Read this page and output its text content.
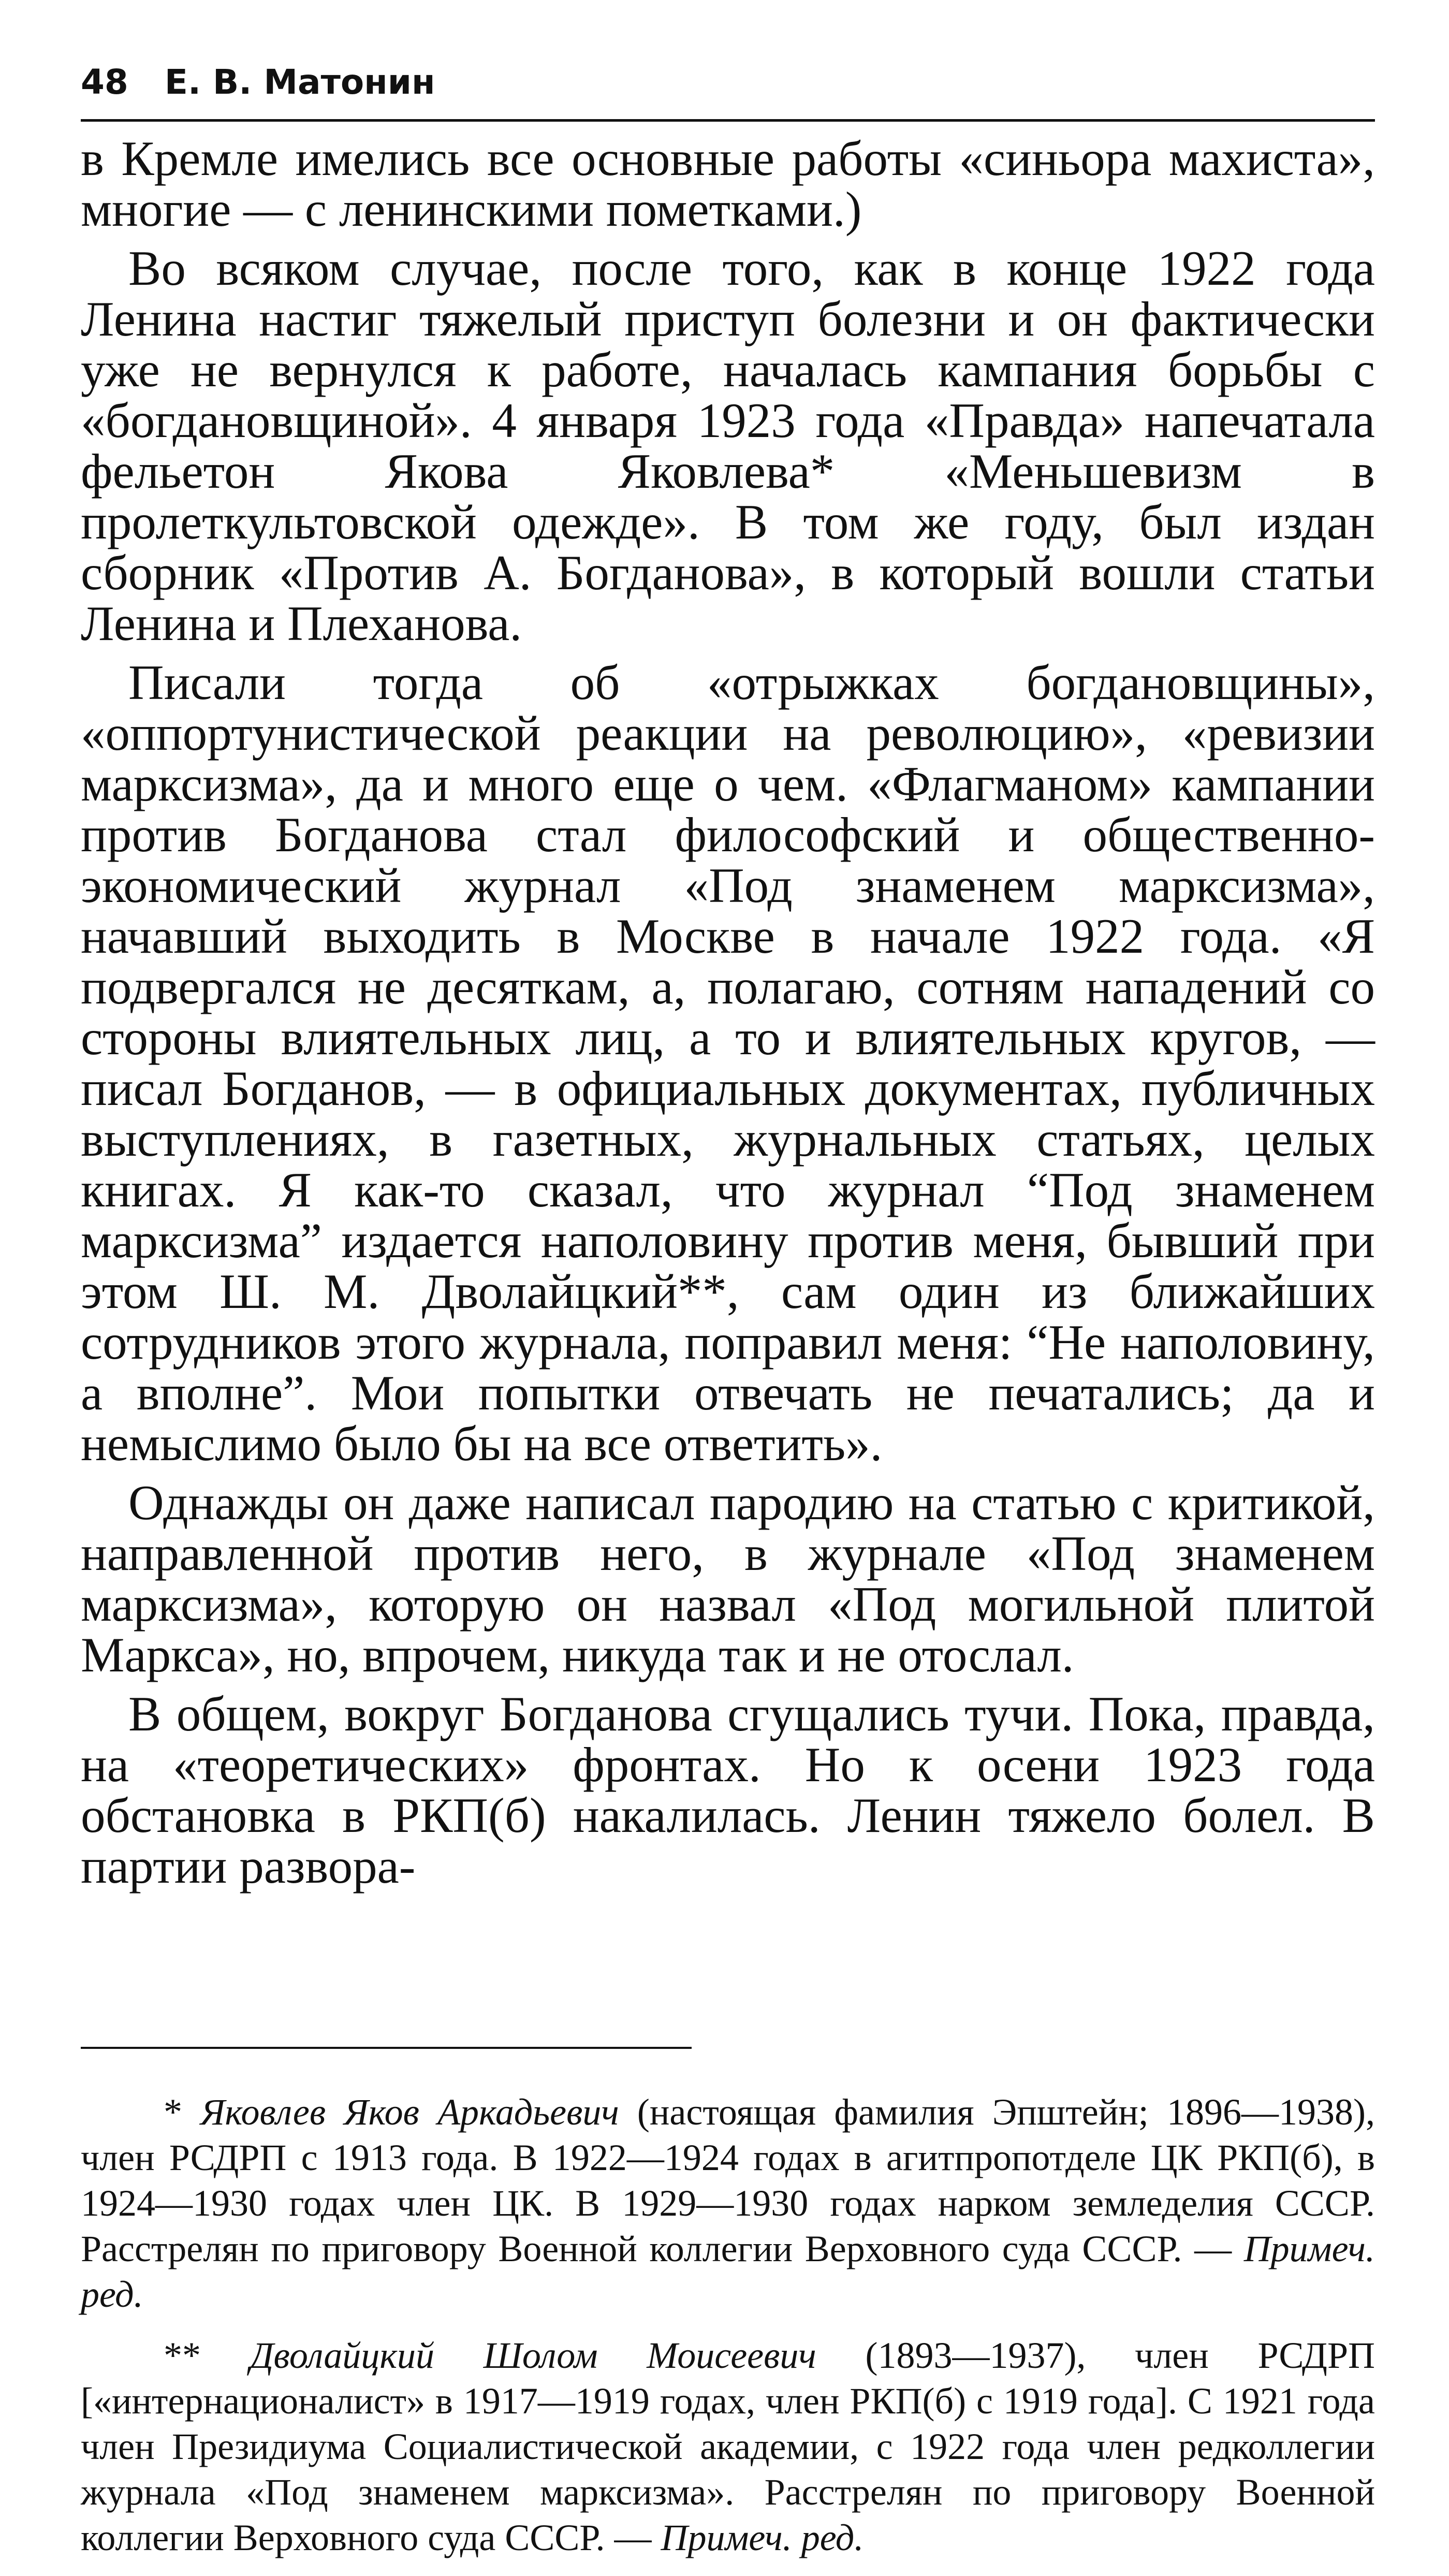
48 Е. В. Матонин

в Кремле имелись все основные работы «синьора махиста», многие — с ленинскими пометками.)

Во всяком случае, после того, как в конце 1922 года Ленина настиг тяжелый приступ болезни и он фактически уже не вернулся к работе, началась кампания борьбы с «богдановщиной». 4 января 1923 года «Правда» напечатала фельетон Якова Яковлева* «Меньшевизм в пролеткультовской одежде». В том же году, был издан сборник «Против А. Богданова», в который вошли статьи Ленина и Плеханова.

Писали тогда об «отрыжках богдановщины», «оппортунистической реакции на революцию», «ревизии марксизма», да и много еще о чем. «Флагманом» кампании против Богданова стал философский и общественно-экономический журнал «Под знаменем марксизма», начавший выходить в Москве в начале 1922 года. «Я подвергался не десяткам, а, полагаю, сотням нападений со стороны влиятельных лиц, а то и влиятельных кругов, — писал Богданов, — в официальных документах, публичных выступлениях, в газетных, журнальных статьях, целых книгах. Я как-то сказал, что журнал “Под знаменем марксизма” издается наполовину против меня, бывший при этом Ш. М. Дволайцкий**, сам один из ближайших сотрудников этого журнала, поправил меня: “Не наполовину, а вполне”. Мои попытки отвечать не печатались; да и немыслимо было бы на все ответить».

Однажды он даже написал пародию на статью с критикой, направленной против него, в журнале «Под знаменем марксизма», которую он назвал «Под могильной плитой Маркса», но, впрочем, никуда так и не отослал.

В общем, вокруг Богданова сгущались тучи. Пока, правда, на «теоретических» фронтах. Но к осени 1923 года обстановка в РКП(б) накалилась. Ленин тяжело болел. В партии развора-

* Яковлев Яков Аркадьевич (настоящая фамилия Эпштейн; 1896—1938), член РСДРП с 1913 года. В 1922—1924 годах в агитпропотделе ЦК РКП(б), в 1924—1930 годах член ЦК. В 1929—1930 годах нарком земледелия СССР. Расстрелян по приговору Военной коллегии Верховного суда СССР. — Примеч. ред.

** Дволайцкий Шолом Моисеевич (1893—1937), член РСДРП [«интернационалист» в 1917—1919 годах, член РКП(б) с 1919 года]. С 1921 года член Президиума Социалистической академии, с 1922 года член редколлегии журнала «Под знаменем марксизма». Расстрелян по приговору Военной коллегии Верховного суда СССР. — Примеч. ред.
